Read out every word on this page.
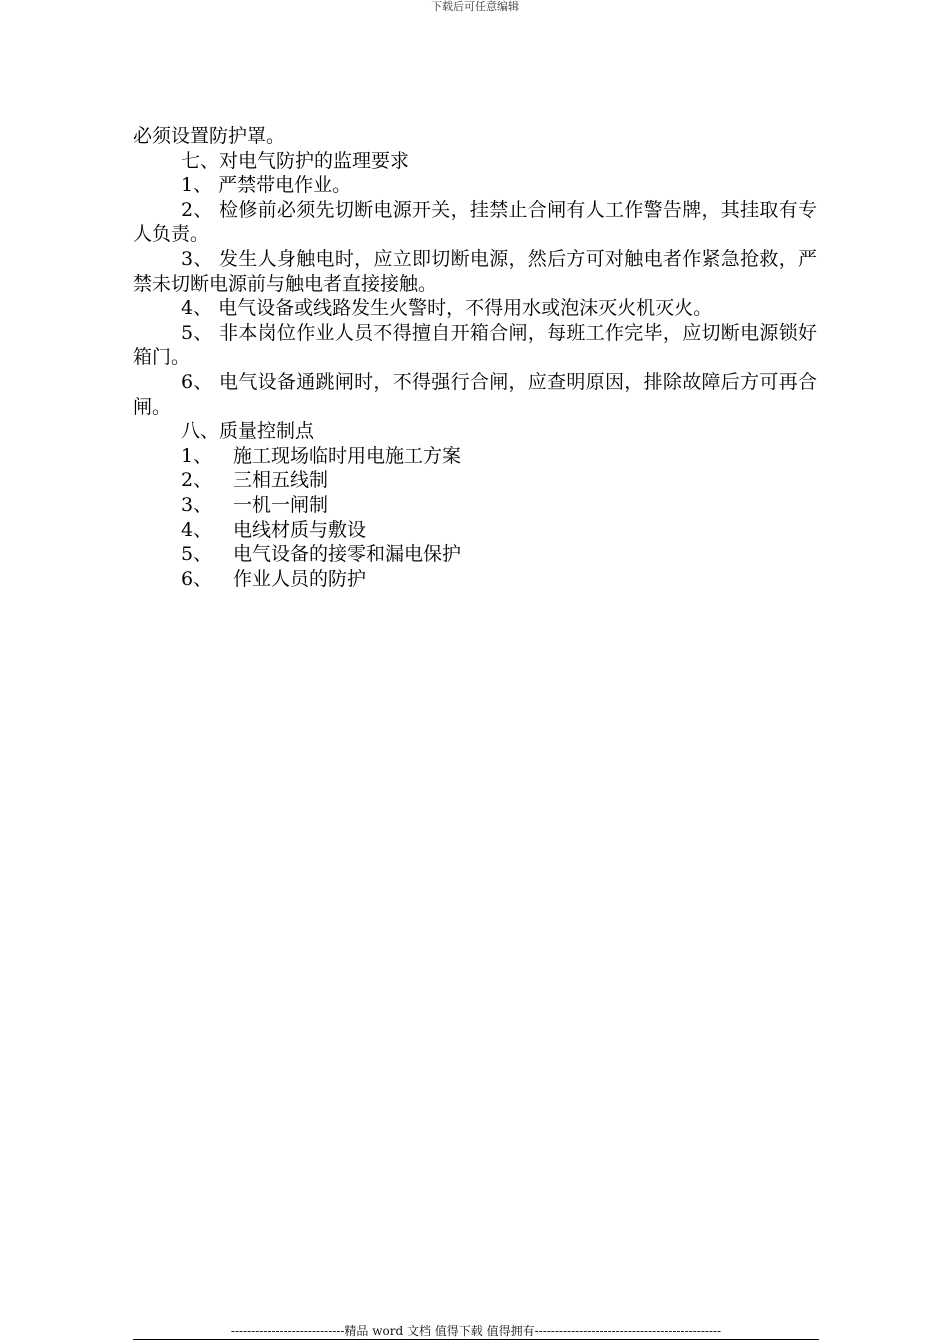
下载后可任意编辑

必须设置防护罩。

七、对电气防护的监理要求

1、 严禁带电作业。

2、 检修前必须先切断电源开关，挂禁止合闸有人工作警告牌，其挂取有专人负责。

3、 发生人身触电时，应立即切断电源，然后方可对触电者作紧急抢救，严禁未切断电源前与触电者直接接触。

4、 电气设备或线路发生火警时，不得用水或泡沫灭火机灭火。

5、 非本岗位作业人员不得擅自开箱合闸，每班工作完毕，应切断电源锁好箱门。

6、 电气设备通跳闸时，不得强行合闸，应查明原因，排除故障后方可再合闸。

八、质量控制点

1、 施工现场临时用电施工方案

2、 三相五线制

3、 一机一闸制

4、 电线材质与敷设

5、 电气设备的接零和漏电保护

6、 作业人员的防护

----------------------------精品 word 文档 值得下载 值得拥有----------------------------------------------
